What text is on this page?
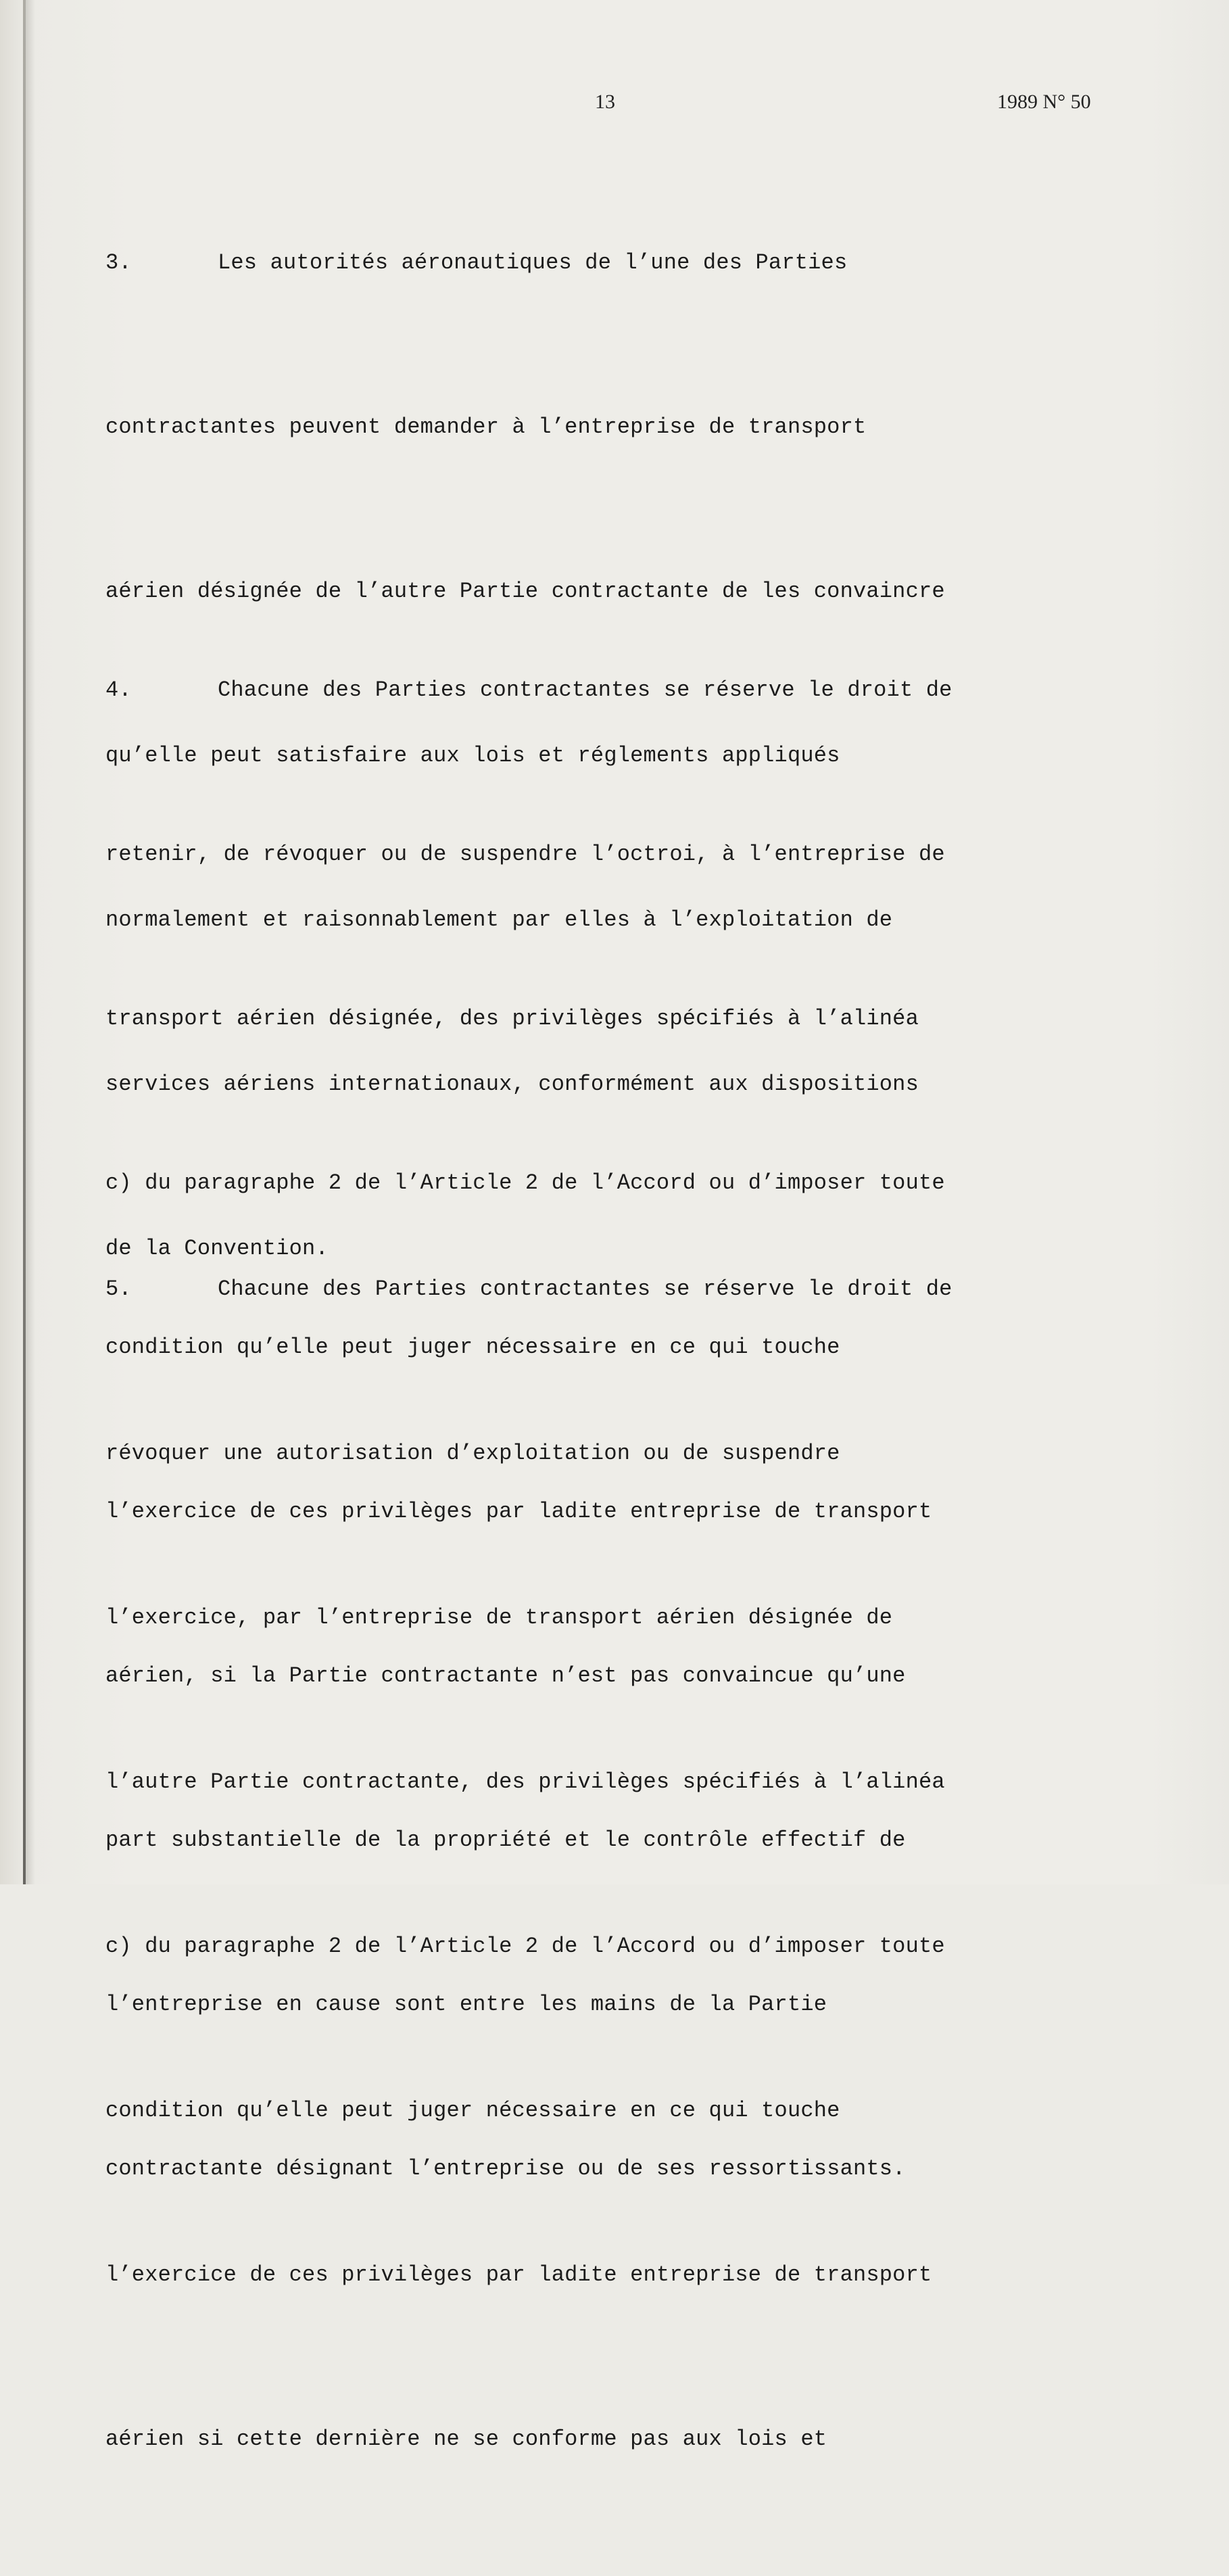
13	1989 N° 50

3.	Les autorités aéronautiques de l’une des Parties

contractantes peuvent demander à l’entreprise de transport

aérien désignée de l’autre Partie contractante de les convaincre

qu’elle peut satisfaire aux lois et réglements appliqués

normalement et raisonnablement par elles à l’exploitation de

services aériens internationaux, conformément aux dispositions

de la Convention.

4.	Chacune des Parties contractantes se réserve le droit de

retenir, de révoquer ou de suspendre l’octroi, à l’entreprise de

transport aérien désignée, des privilèges spécifiés à l’alinéa

c) du paragraphe 2 de l’Article 2 de l’Accord ou d’imposer toute

condition qu’elle peut juger nécessaire en ce qui touche

l’exercice de ces privilèges par ladite entreprise de transport

aérien, si la Partie contractante n’est pas convaincue qu’une

part substantielle de la propriété et le contrôle effectif de

l’entreprise en cause sont entre les mains de la Partie

contractante désignant l’entreprise ou de ses ressortissants.

5.	Chacune des Parties contractantes se réserve le droit de

révoquer une autorisation d’exploitation ou de suspendre

l’exercice, par l’entreprise de transport aérien désignée de

l’autre Partie contractante, des privilèges spécifiés à l’alinéa

c) du paragraphe 2 de l’Article 2 de l’Accord ou d’imposer toute

condition qu’elle peut juger nécessaire en ce qui touche

l’exercice de ces privilèges par ladite entreprise de transport

aérien si cette dernière ne se conforme pas aux lois et
